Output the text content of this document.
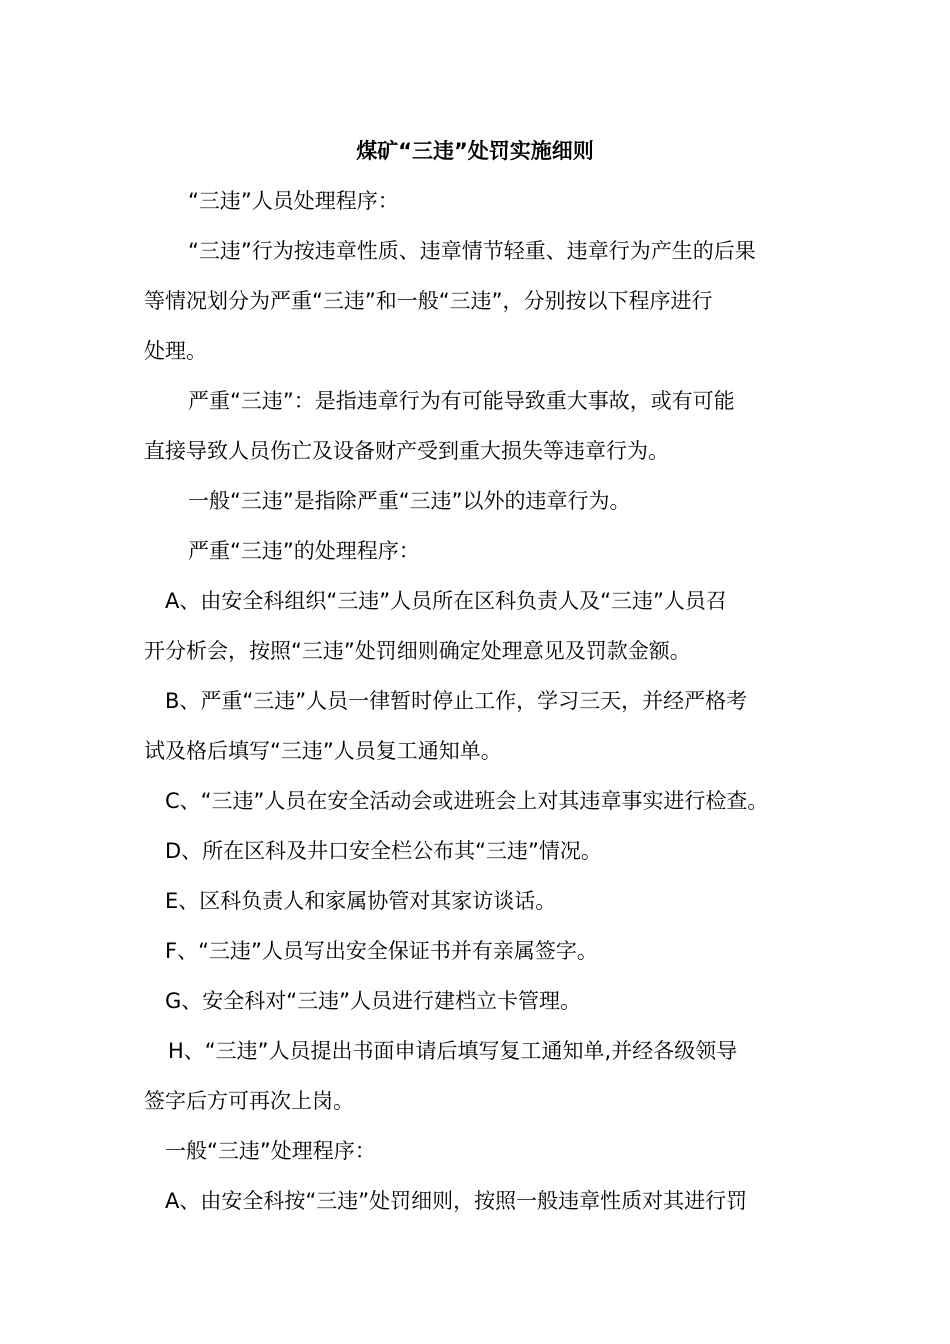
煤矿“三违”处罚实施细则
“三违”人员处理程序：
“三违”行为按违章性质、违章情节轻重、违章行为产生的后果
等情况划分为严重“三违”和一般“三违”，分别按以下程序进行
处理。
严重“三违”：是指违章行为有可能导致重大事故，或有可能
直接导致人员伤亡及设备财产受到重大损失等违章行为。
一般“三违”是指除严重“三违”以外的违章行为。
严重“三违”的处理程序：
A、由安全科组织“三违”人员所在区科负责人及“三违”人员召
开分析会，按照“三违”处罚细则确定处理意见及罚款金额。
B、严重“三违”人员一律暂时停止工作，学习三天，并经严格考
试及格后填写“三违”人员复工通知单。
C、“三违”人员在安全活动会或进班会上对其违章事实进行检查。
D、所在区科及井口安全栏公布其“三违”情况。
E、区科负责人和家属协管对其家访谈话。
F、“三违”人员写出安全保证书并有亲属签字。
G、安全科对“三违”人员进行建档立卡管理。
H、“三违”人员提出书面申请后填写复工通知单,并经各级领导
签字后方可再次上岗。
一般“三违”处理程序：
A、由安全科按“三违”处罚细则，按照一般违章性质对其进行罚
